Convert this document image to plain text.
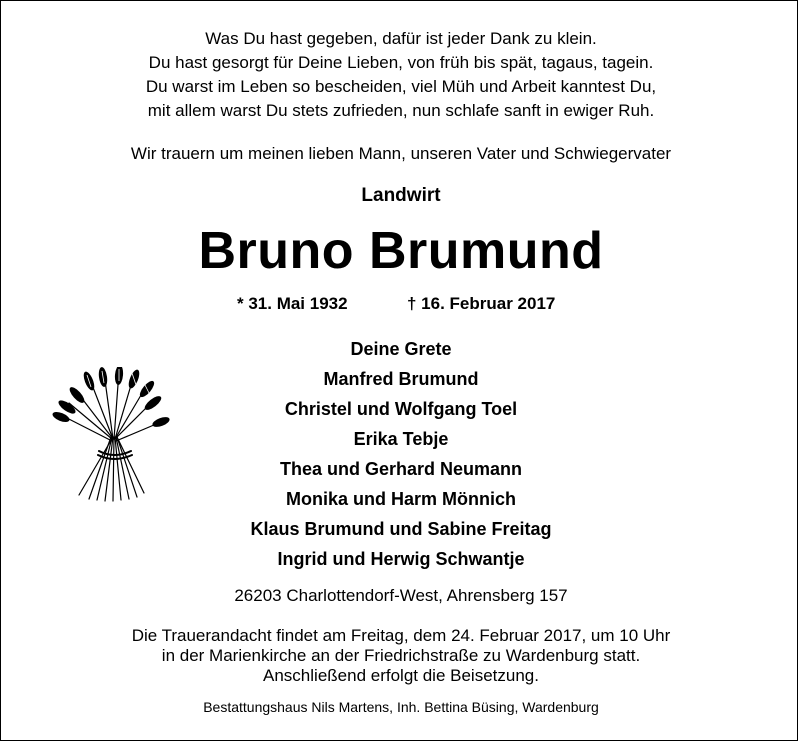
Was Du hast gegeben, dafür ist jeder Dank zu klein.
Du hast gesorgt für Deine Lieben, von früh bis spät, tagaus, tagein.
Du warst im Leben so bescheiden, viel Müh und Arbeit kanntest Du,
mit allem warst Du stets zufrieden, nun schlafe sanft in ewiger Ruh.
Wir trauern um meinen lieben Mann, unseren Vater und Schwiegervater
Landwirt
Bruno Brumund
* 31. Mai 1932	† 16. Februar 2017
Deine Grete
Manfred Brumund
Christel und Wolfgang Toel
Erika Tebje
Thea und Gerhard Neumann
Monika und Harm Mönnich
Klaus Brumund und Sabine Freitag
Ingrid und Herwig Schwantje
26203 Charlottendorf-West, Ahrensberg 157
Die Trauerandacht findet am Freitag, dem 24. Februar 2017, um 10 Uhr
in der Marienkirche an der Friedrichstraße zu Wardenburg statt.
Anschließend erfolgt die Beisetzung.
Bestattungshaus Nils Martens, Inh. Bettina Büsing, Wardenburg
